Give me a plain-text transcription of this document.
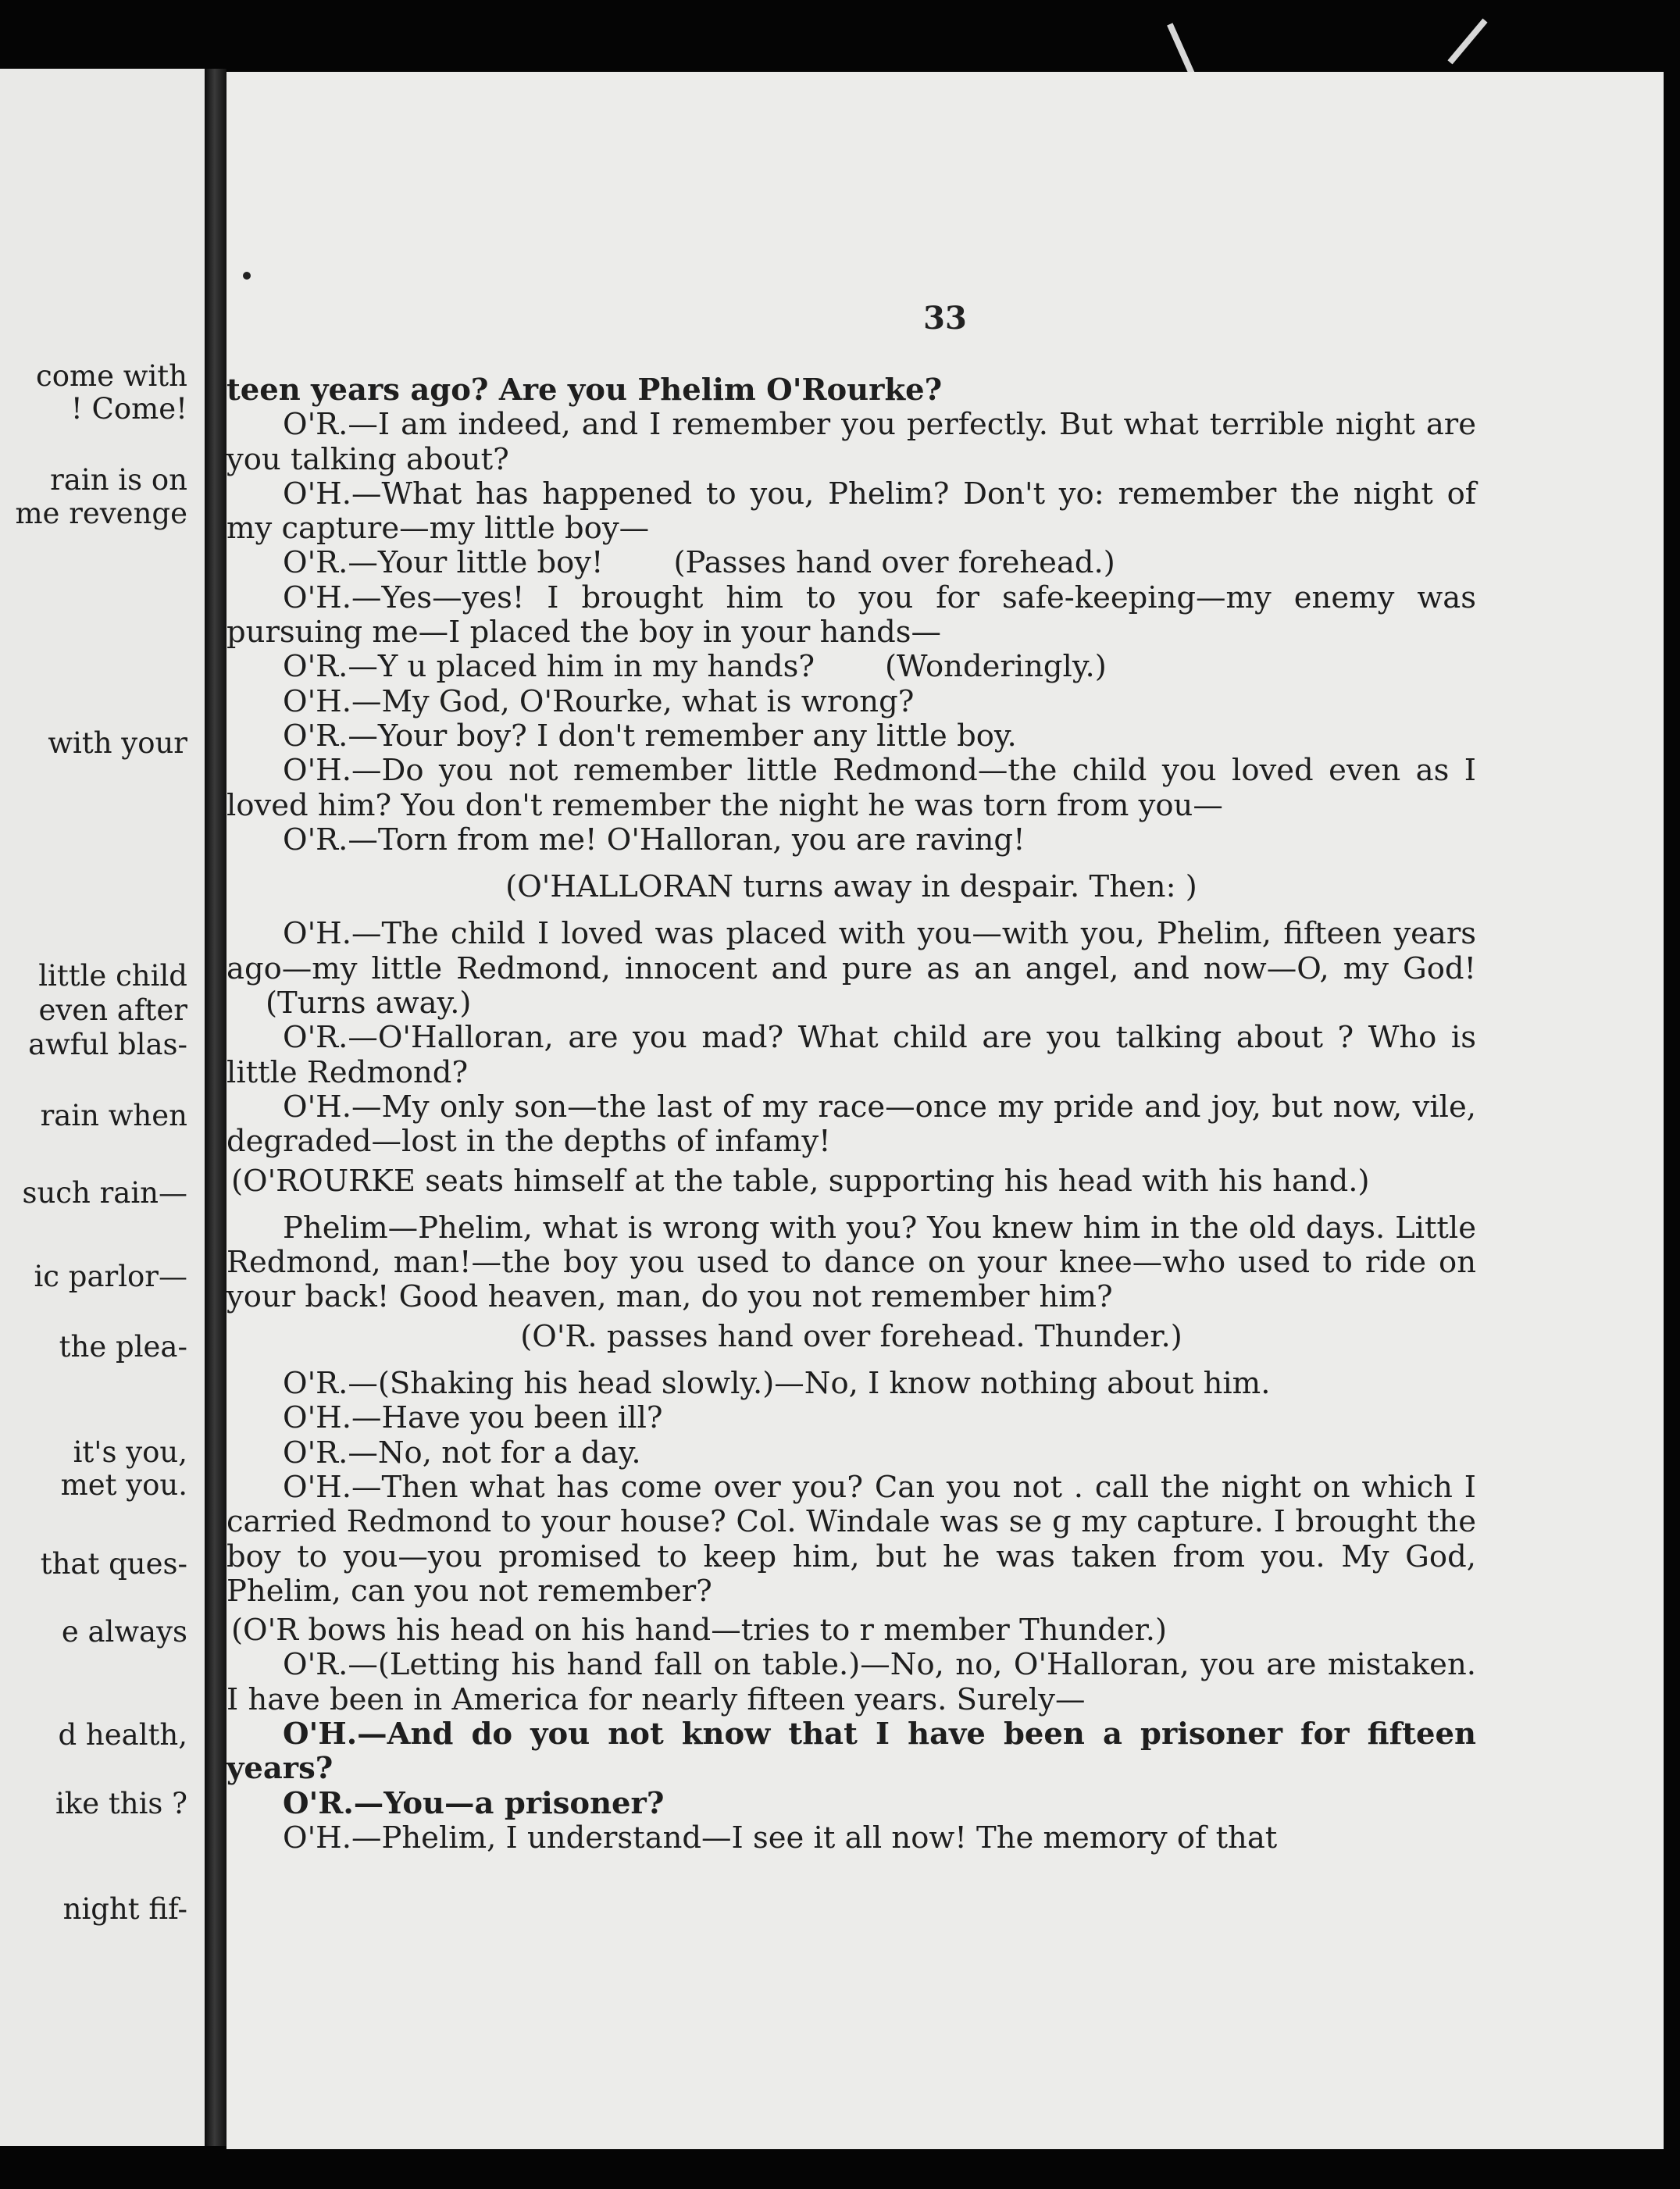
come with
! Come!
rain is on
me revenge
with your
little child
even after
awful blas-
rain when
such rain—
ic parlor—
the plea-
it's you,
met you.
that ques-
e always
d health,
ike this ?
night fif-
33

teen years ago? Are you Phelim O'Rourke?

O'R.—I am indeed, and I remember you perfectly. But what terrible night are you talking about?

O'H.—What has happened to you, Phelim? Don't yo: remember the night of my capture—my little boy—

O'R.—Your little boy! (Passes hand over forehead.)

O'H.—Yes—yes! I brought him to you for safe-keeping—my enemy was pursuing me—I placed the boy in your hands—

O'R.—Y u placed him in my hands? (Wonderingly.)

O'H.—My God, O'Rourke, what is wrong?

O'R.—Your boy? I don't remember any little boy.

O'H.—Do you not remember little Redmond—the child you loved even as I loved him? You don't remember the night he was torn from you—

O'R.—Torn from me! O'Halloran, you are raving!

(O'HALLORAN turns away in despair. Then: )

O'H.—The child I loved was placed with you—with you, Phelim, fifteen years ago—my little Redmond, innocent and pure as an angel, and now—O, my God!(Turns away.)

O'R.—O'Halloran, are you mad? What child are you talking about ? Who is little Redmond?

O'H.—My only son—the last of my race—once my pride and joy, but now, vile, degraded—lost in the depths of infamy!

(O'ROURKE seats himself at the table, supporting his head with his hand.)

Phelim—Phelim, what is wrong with you? You knew him in the old days. Little Redmond, man!—the boy you used to dance on your knee—who used to ride on your back! Good heaven, man, do you not remember him?

(O'R. passes hand over forehead. Thunder.)

O'R.—(Shaking his head slowly.)—No, I know nothing about him.

O'H.—Have you been ill?

O'R.—No, not for a day.

O'H.—Then what has come over you? Can you not . call the night on which I carried Redmond to your house? Col. Windale was se g my capture. I brought the boy to you—you promised to keep him, but he was taken from you. My God, Phelim, can you not remember?

(O'R bows his head on his hand—tries to r member Thunder.)

O'R.—(Letting his hand fall on table.)—No, no, O'Halloran, you are mistaken. I have been in America for nearly fifteen years. Surely—

O'H.—And do you not know that I have been a prisoner for fifteen years?

O'R.—You—a prisoner?

O'H.—Phelim, I understand—I see it all now! The memory of that
